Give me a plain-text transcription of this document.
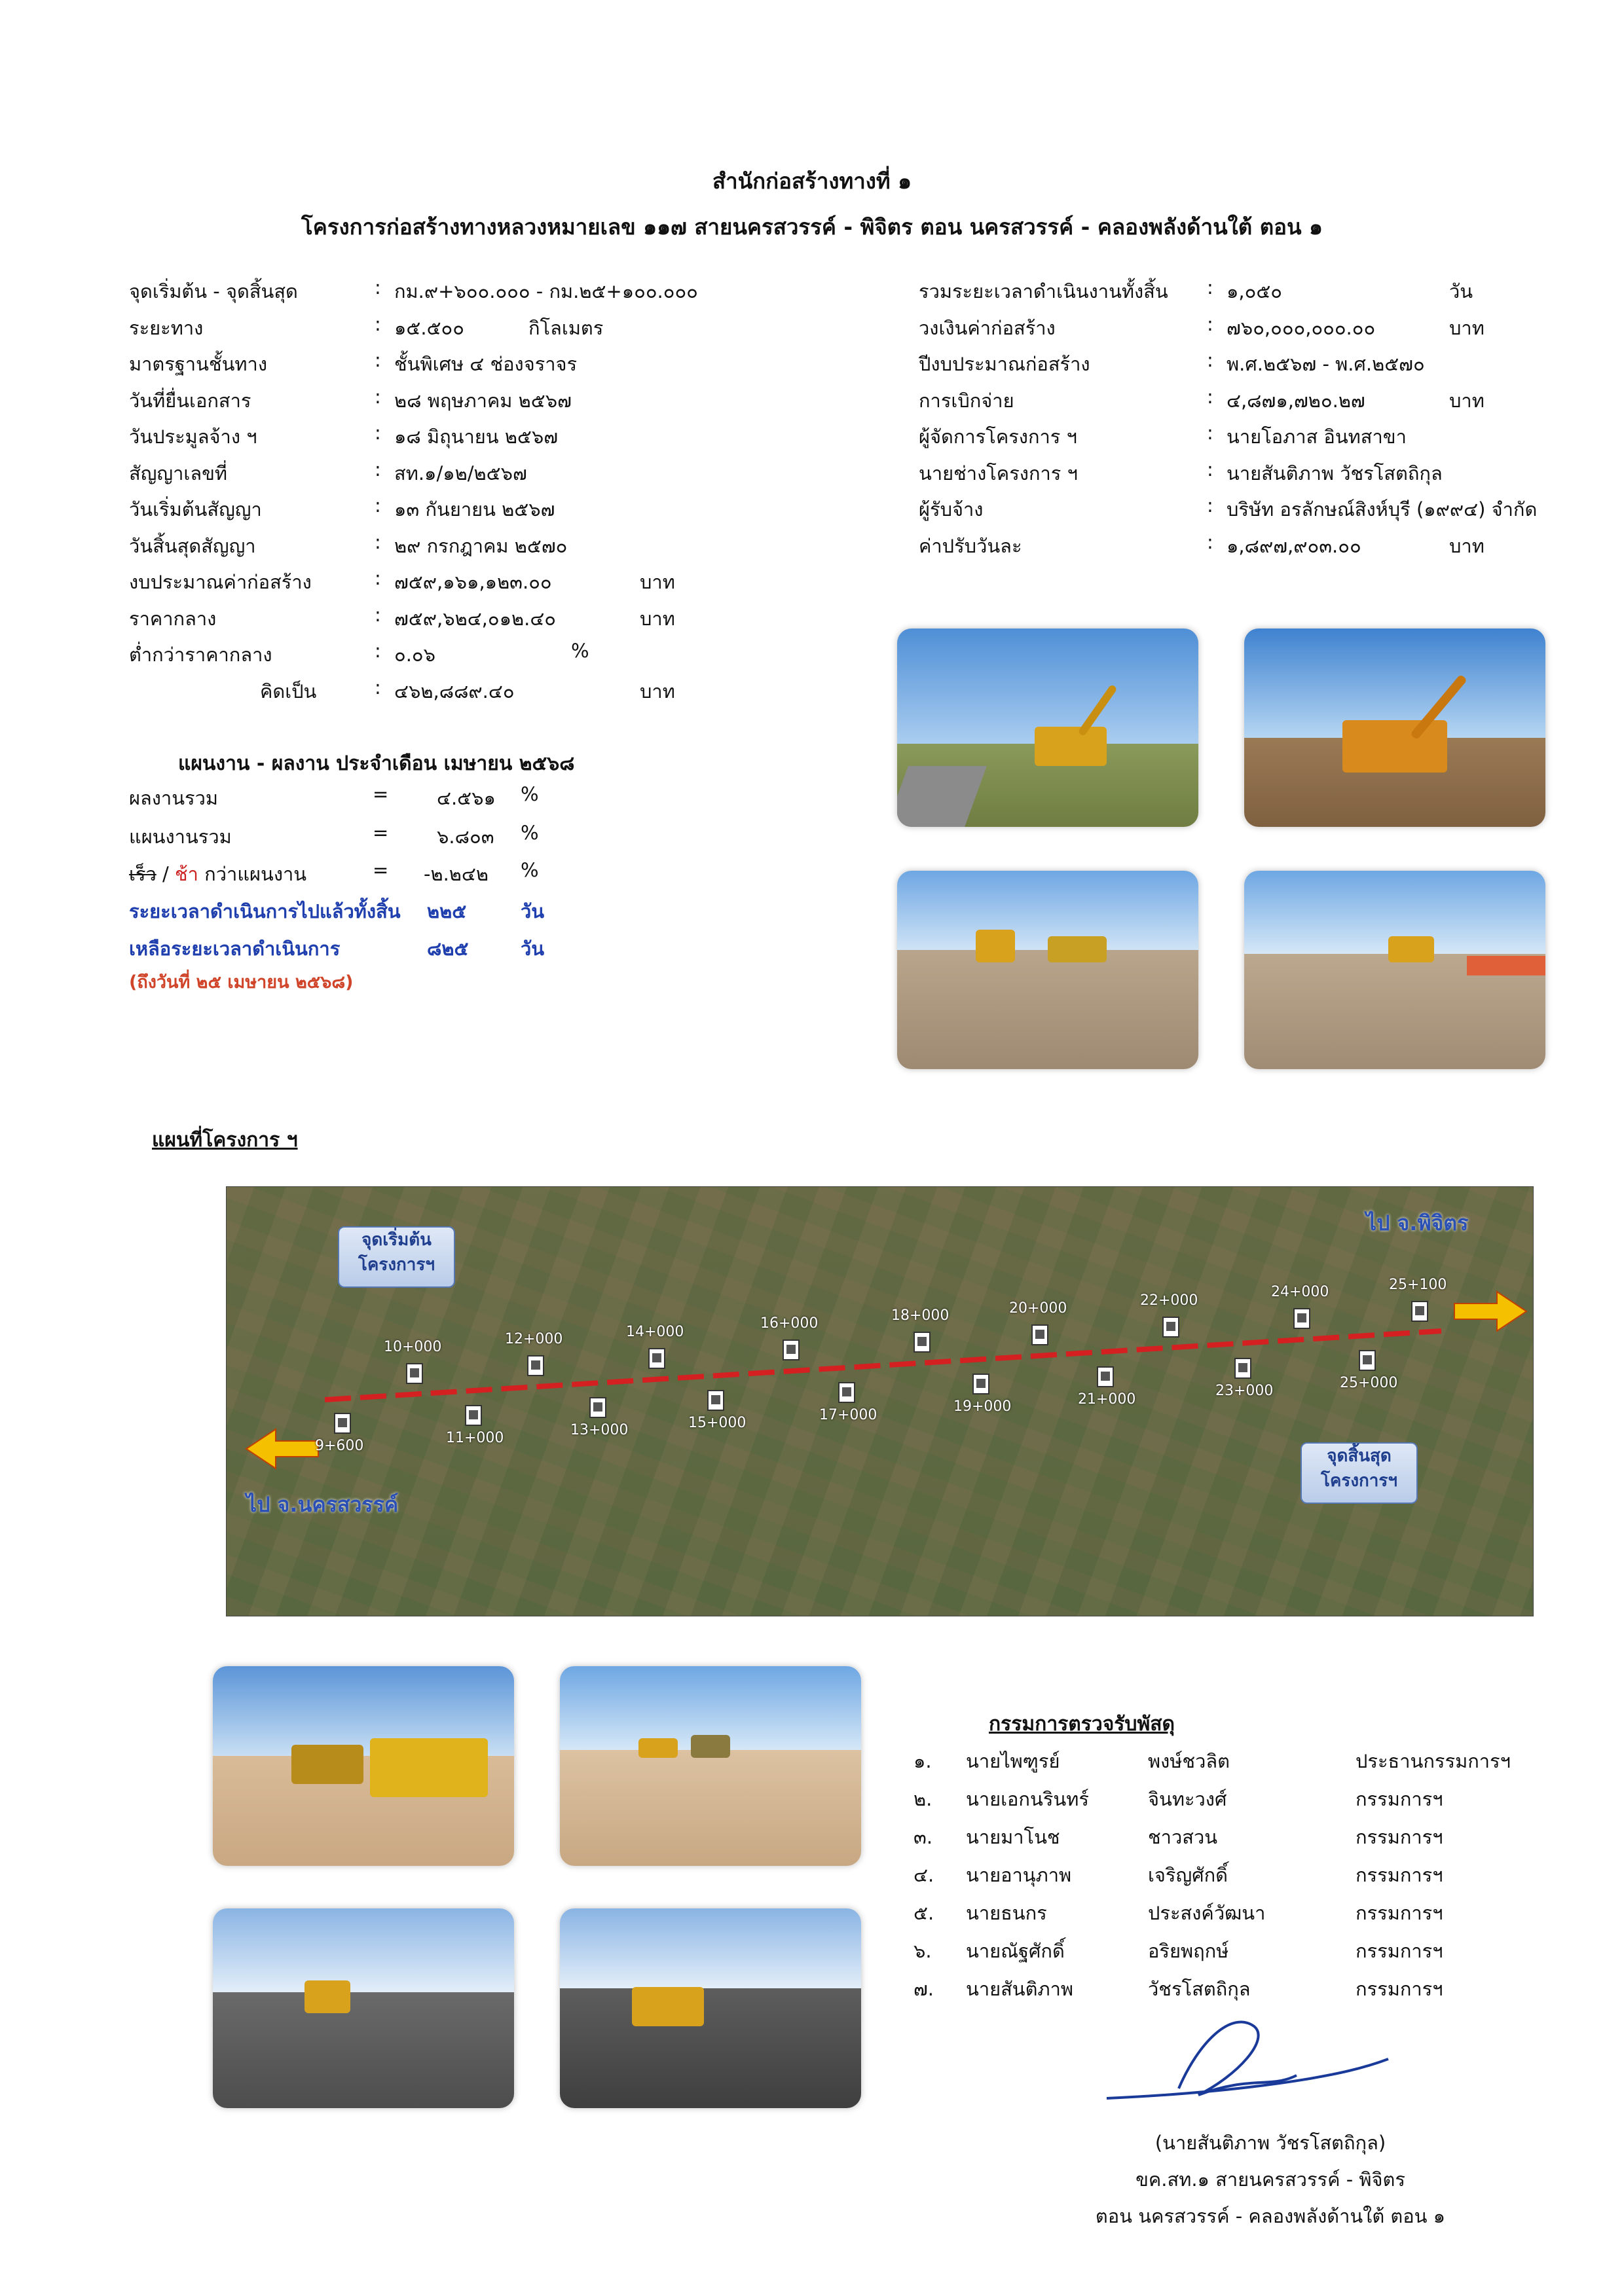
สำนักก่อสร้างทางที่ ๑
โครงการก่อสร้างทางหลวงหมายเลข ๑๑๗ สายนครสวรรค์ - พิจิตร ตอน นครสวรรค์ - คลองพลังด้านใต้ ตอน ๑
จุดเริ่มต้น - จุดสิ้นสุด	: กม.๙+๖๐๐.๐๐๐ - กม.๒๕+๑๐๐.๐๐๐
ระยะทาง	: ๑๕.๕๐๐	กิโลเมตร
มาตรฐานชั้นทาง	: ชั้นพิเศษ ๔ ช่องจราจร
วันที่ยื่นเอกสาร	: ๒๘ พฤษภาคม ๒๕๖๗
วันประมูลจ้าง ฯ	: ๑๘ มิถุนายน ๒๕๖๗
สัญญาเลขที่	: สท.๑/๑๒/๒๕๖๗
วันเริ่มต้นสัญญา	: ๑๓ กันยายน ๒๕๖๗
วันสิ้นสุดสัญญา	: ๒๙ กรกฎาคม ๒๕๗๐
งบประมาณค่าก่อสร้าง	: ๗๕๙,๑๖๑,๑๒๓.๐๐	บาท
ราคากลาง	: ๗๕๙,๖๒๔,๐๑๒.๔๐	บาท
ต่ำกว่าราคากลาง	: ๐.๐๖	%
คิดเป็น	: ๔๖๒,๘๘๙.๔๐	บาท
รวมระยะเวลาดำเนินงานทั้งสิ้น : ๑,๐๕๐	วัน
วงเงินค่าก่อสร้าง	: ๗๖๐,๐๐๐,๐๐๐.๐๐	บาท
ปีงบประมาณก่อสร้าง	: พ.ศ.๒๕๖๗ - พ.ศ.๒๕๗๐
การเบิกจ่าย	: ๔,๘๗๑,๗๒๐.๒๗	บาท
ผู้จัดการโครงการ ฯ	: นายโอภาส อินทสาขา
นายช่างโครงการ ฯ	: นายสันติภาพ วัชรโสตถิกุล
ผู้รับจ้าง	: บริษัท อรลักษณ์สิงห์บุรี (๑๙๙๔) จำกัด
ค่าปรับวันละ	: ๑,๘๙๗,๙๐๓.๐๐	บาท
แผนงาน - ผลงาน ประจำเดือน เมษายน ๒๕๖๘
ผลงานรวม	=	๔.๕๖๑ %
แผนงานรวม	=	๖.๘๐๓ %
เร็ว / ช้า กว่าแผนงาน	= -๒.๒๔๒ %
ระยะเวลาดำเนินการไปแล้วทั้งสิ้น ๒๒๕	วัน
เหลือระยะเวลาดำเนินการ	๘๒๕	วัน
(ถึงวันที่ ๒๕ เมษายน ๒๕๖๘)
แผนที่โครงการ ฯ
จุดเริ่มต้น
โครงการฯ
จุดสิ้นสุด
โครงการฯ
ไป จ.นครสวรรค์
ไป จ.พิจิตร
10+000	12+000	14+000
16+000	18+000	20+000	22+000
24+000	25+100
9+600	11+000	13+000	15+000	17+000
19+000	21+000
23+000	25+000
กรรมการตรวจรับพัสดุ
๑. นายไพฑูรย์	พงษ์ชวลิต	ประธานกรรมการฯ
๒. นายเอกนรินทร์	จินทะวงศ์	กรรมการฯ
๓. นายมาโนช	ชาวสวน	กรรมการฯ
๔. นายอานุภาพ	เจริญศักดิ์	กรรมการฯ
๕. นายธนกร	ประสงค์วัฒนา	กรรมการฯ
๖. นายณัฐศักดิ์	อริยพฤกษ์	กรรมการฯ
๗. นายสันติภาพ	วัชรโสตถิกุล	กรรมการฯ
(นายสันติภาพ วัชรโสตถิกุล)
ขค.สท.๑ สายนครสวรรค์ - พิจิตร
ตอน นครสวรรค์ - คลองพลังด้านใต้ ตอน ๑
